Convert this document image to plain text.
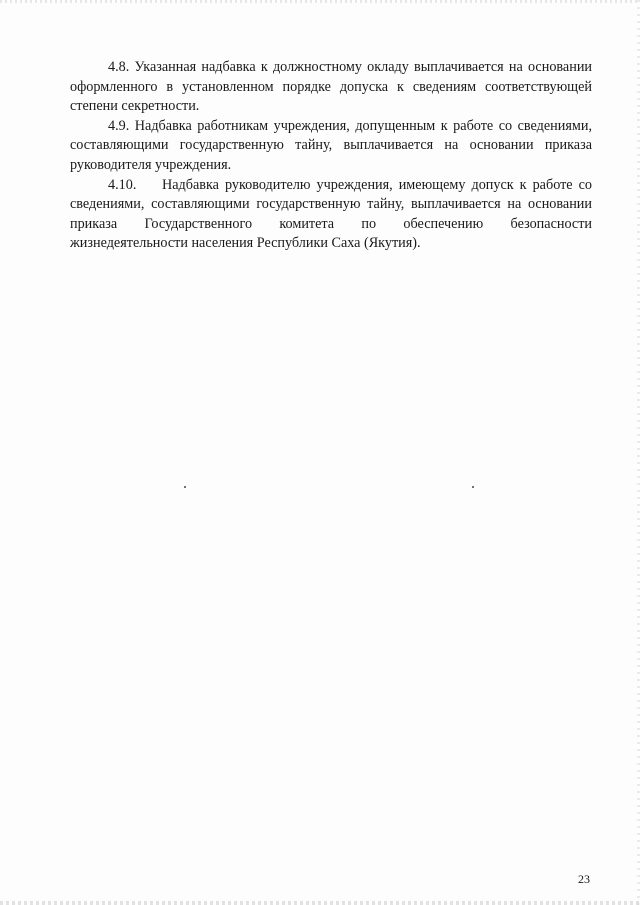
4.8. Указанная надбавка к должностному окладу выплачивается на основании оформленного в установленном порядке допуска к сведениям соответствующей степени секретности.

4.9. Надбавка работникам учреждения, допущенным к работе со сведениями, составляющими государственную тайну, выплачивается на основании приказа руководителя учреждения.

4.10. Надбавка руководителю учреждения, имеющему допуск к работе со сведениями, составляющими государственную тайну, выплачивается на основании приказа Государственного комитета по обеспечению безопасности жизнедеятельности населения Республики Саха (Якутия).

23
